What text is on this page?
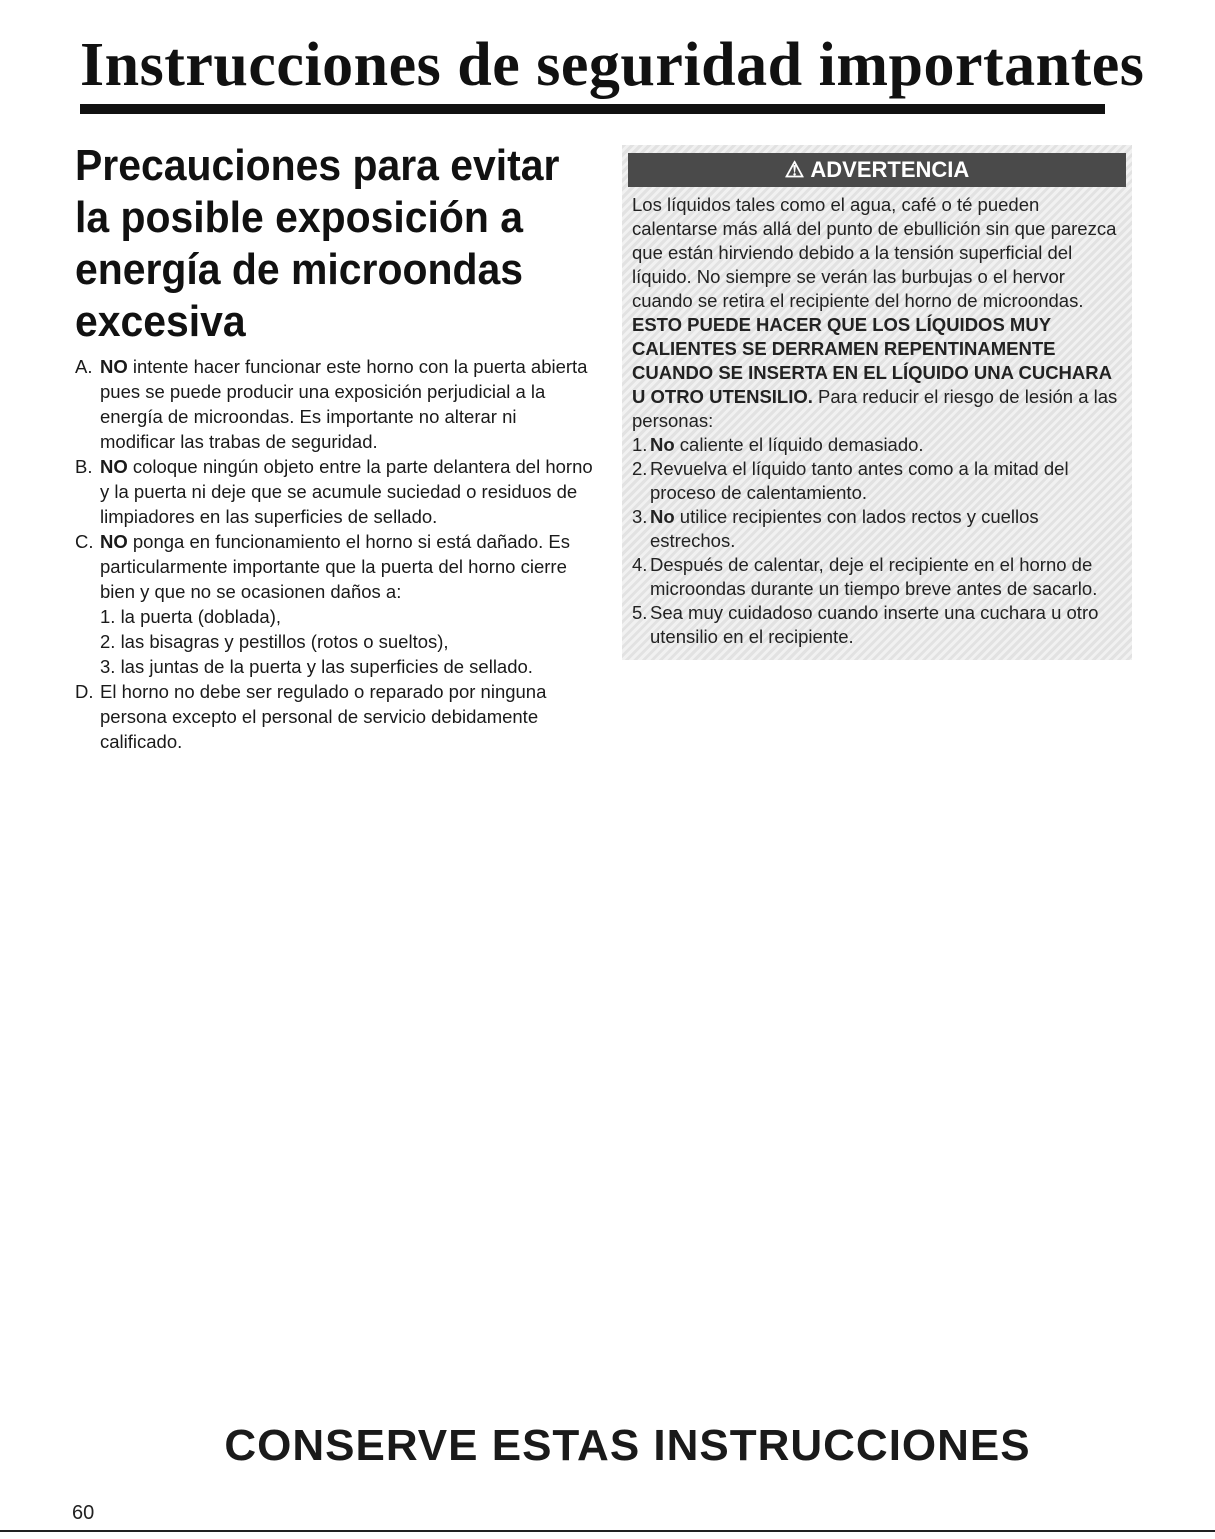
Instrucciones de seguridad importantes
Precauciones para evitar la posible exposición a energía de microondas excesiva
A. NO intente hacer funcionar este horno con la puerta abierta pues se puede producir una exposición perjudicial a la energía de microondas. Es importante no alterar ni modificar las trabas de seguridad.
B. NO coloque ningún objeto entre la parte delantera del horno y la puerta ni deje que se acumule suciedad o residuos de limpiadores en las superficies de sellado.
C. NO ponga en funcionamiento el horno si está dañado. Es particularmente importante que la puerta del horno cierre bien y que no se ocasionen daños a:
1. la puerta (doblada),
2. las bisagras y pestillos (rotos o sueltos),
3. las juntas de la puerta y las superficies de sellado.
D. El horno no debe ser regulado o reparado por ninguna persona excepto el personal de servicio debidamente calificado.
⚠ ADVERTENCIA

Los líquidos tales como el agua, café o té pueden calentarse más allá del punto de ebullición sin que parezca que están hirviendo debido a la tensión superficial del líquido. No siempre se verán las burbujas o el hervor cuando se retira el recipiente del horno de microondas. ESTO PUEDE HACER QUE LOS LÍQUIDOS MUY CALIENTES SE DERRAMEN REPENTINAMENTE CUANDO SE INSERTA EN EL LÍQUIDO UNA CUCHARA U OTRO UTENSILIO. Para reducir el riesgo de lesión a las personas:

1. No caliente el líquido demasiado.
2. Revuelva el líquido tanto antes como a la mitad del proceso de calentamiento.
3. No utilice recipientes con lados rectos y cuellos estrechos.
4. Después de calentar, deje el recipiente en el horno de microondas durante un tiempo breve antes de sacarlo.
5. Sea muy cuidadoso cuando inserte una cuchara u otro utensilio en el recipiente.
CONSERVE ESTAS INSTRUCCIONES
60
